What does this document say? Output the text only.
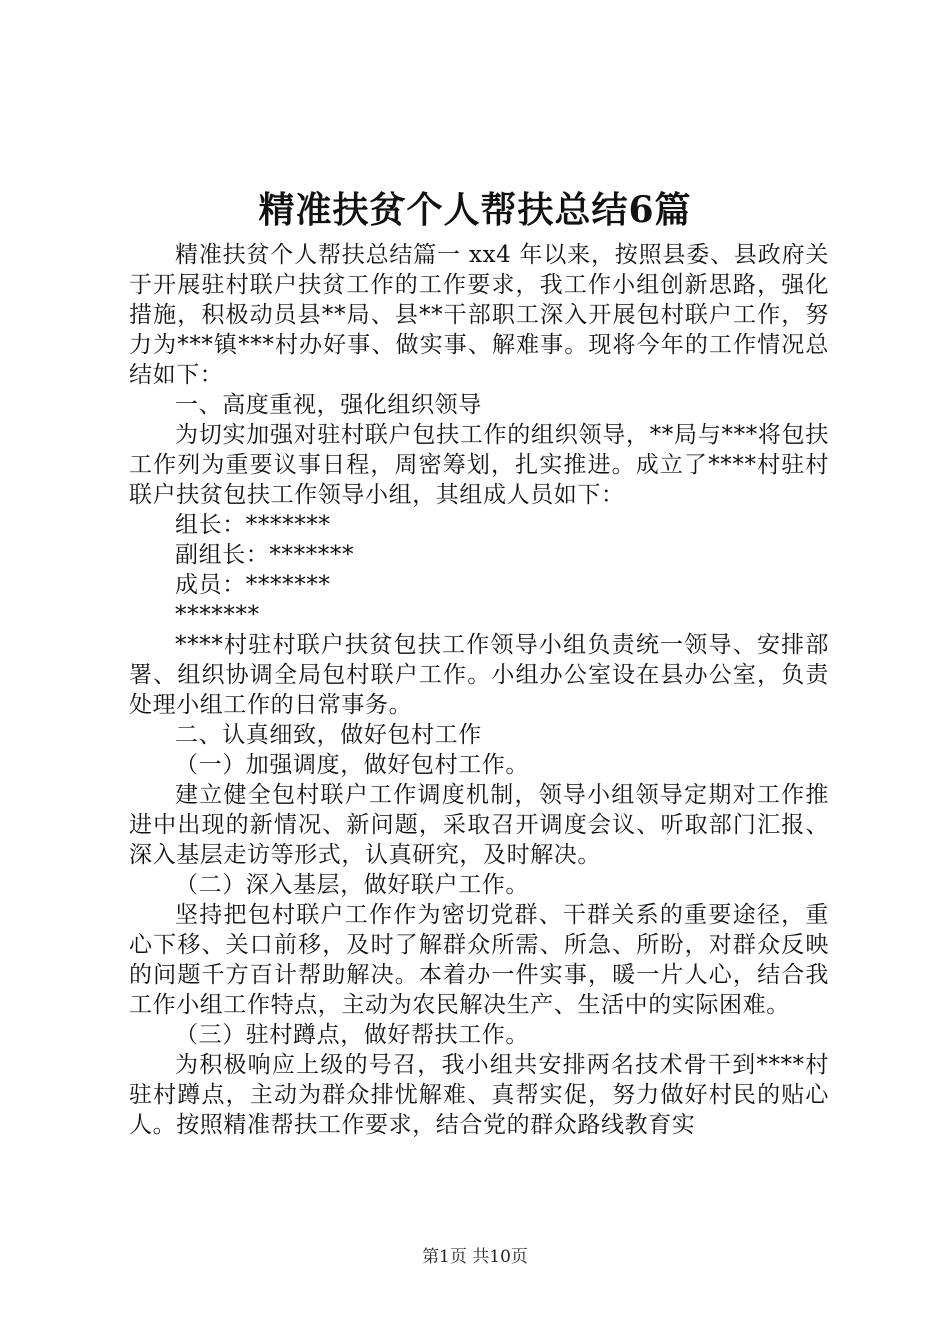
精准扶贫个人帮扶总结6篇

精准扶贫个人帮扶总结篇一 xx4 年以来，按照县委、县政府关于开展驻村联户扶贫工作的工作要求，我工作小组创新思路，强化措施，积极动员县**局、县**干部职工深入开展包村联户工作，努力为***镇***村办好事、做实事、解难事。现将今年的工作情况总结如下：

一、高度重视，强化组织领导

为切实加强对驻村联户包扶工作的组织领导，**局与***将包扶工作列为重要议事日程，周密筹划，扎实推进。成立了****村驻村联户扶贫包扶工作领导小组，其组成人员如下：

组长：*******

副组长：*******

成员：*******

*******

****村驻村联户扶贫包扶工作领导小组负责统一领导、安排部署、组织协调全局包村联户工作。小组办公室设在县办公室，负责处理小组工作的日常事务。

二、认真细致，做好包村工作

（一）加强调度，做好包村工作。

建立健全包村联户工作调度机制，领导小组领导定期对工作推进中出现的新情况、新问题，采取召开调度会议、听取部门汇报、深入基层走访等形式，认真研究，及时解决。

（二）深入基层，做好联户工作。

坚持把包村联户工作作为密切党群、干群关系的重要途径，重心下移、关口前移，及时了解群众所需、所急、所盼，对群众反映的问题千方百计帮助解决。本着办一件实事，暖一片人心，结合我工作小组工作特点，主动为农民解决生产、生活中的实际困难。

（三）驻村蹲点，做好帮扶工作。

为积极响应上级的号召，我小组共安排两名技术骨干到****村驻村蹲点，主动为群众排忧解难、真帮实促，努力做好村民的贴心人。按照精准帮扶工作要求，结合党的群众路线教育实

第1页 共10页
